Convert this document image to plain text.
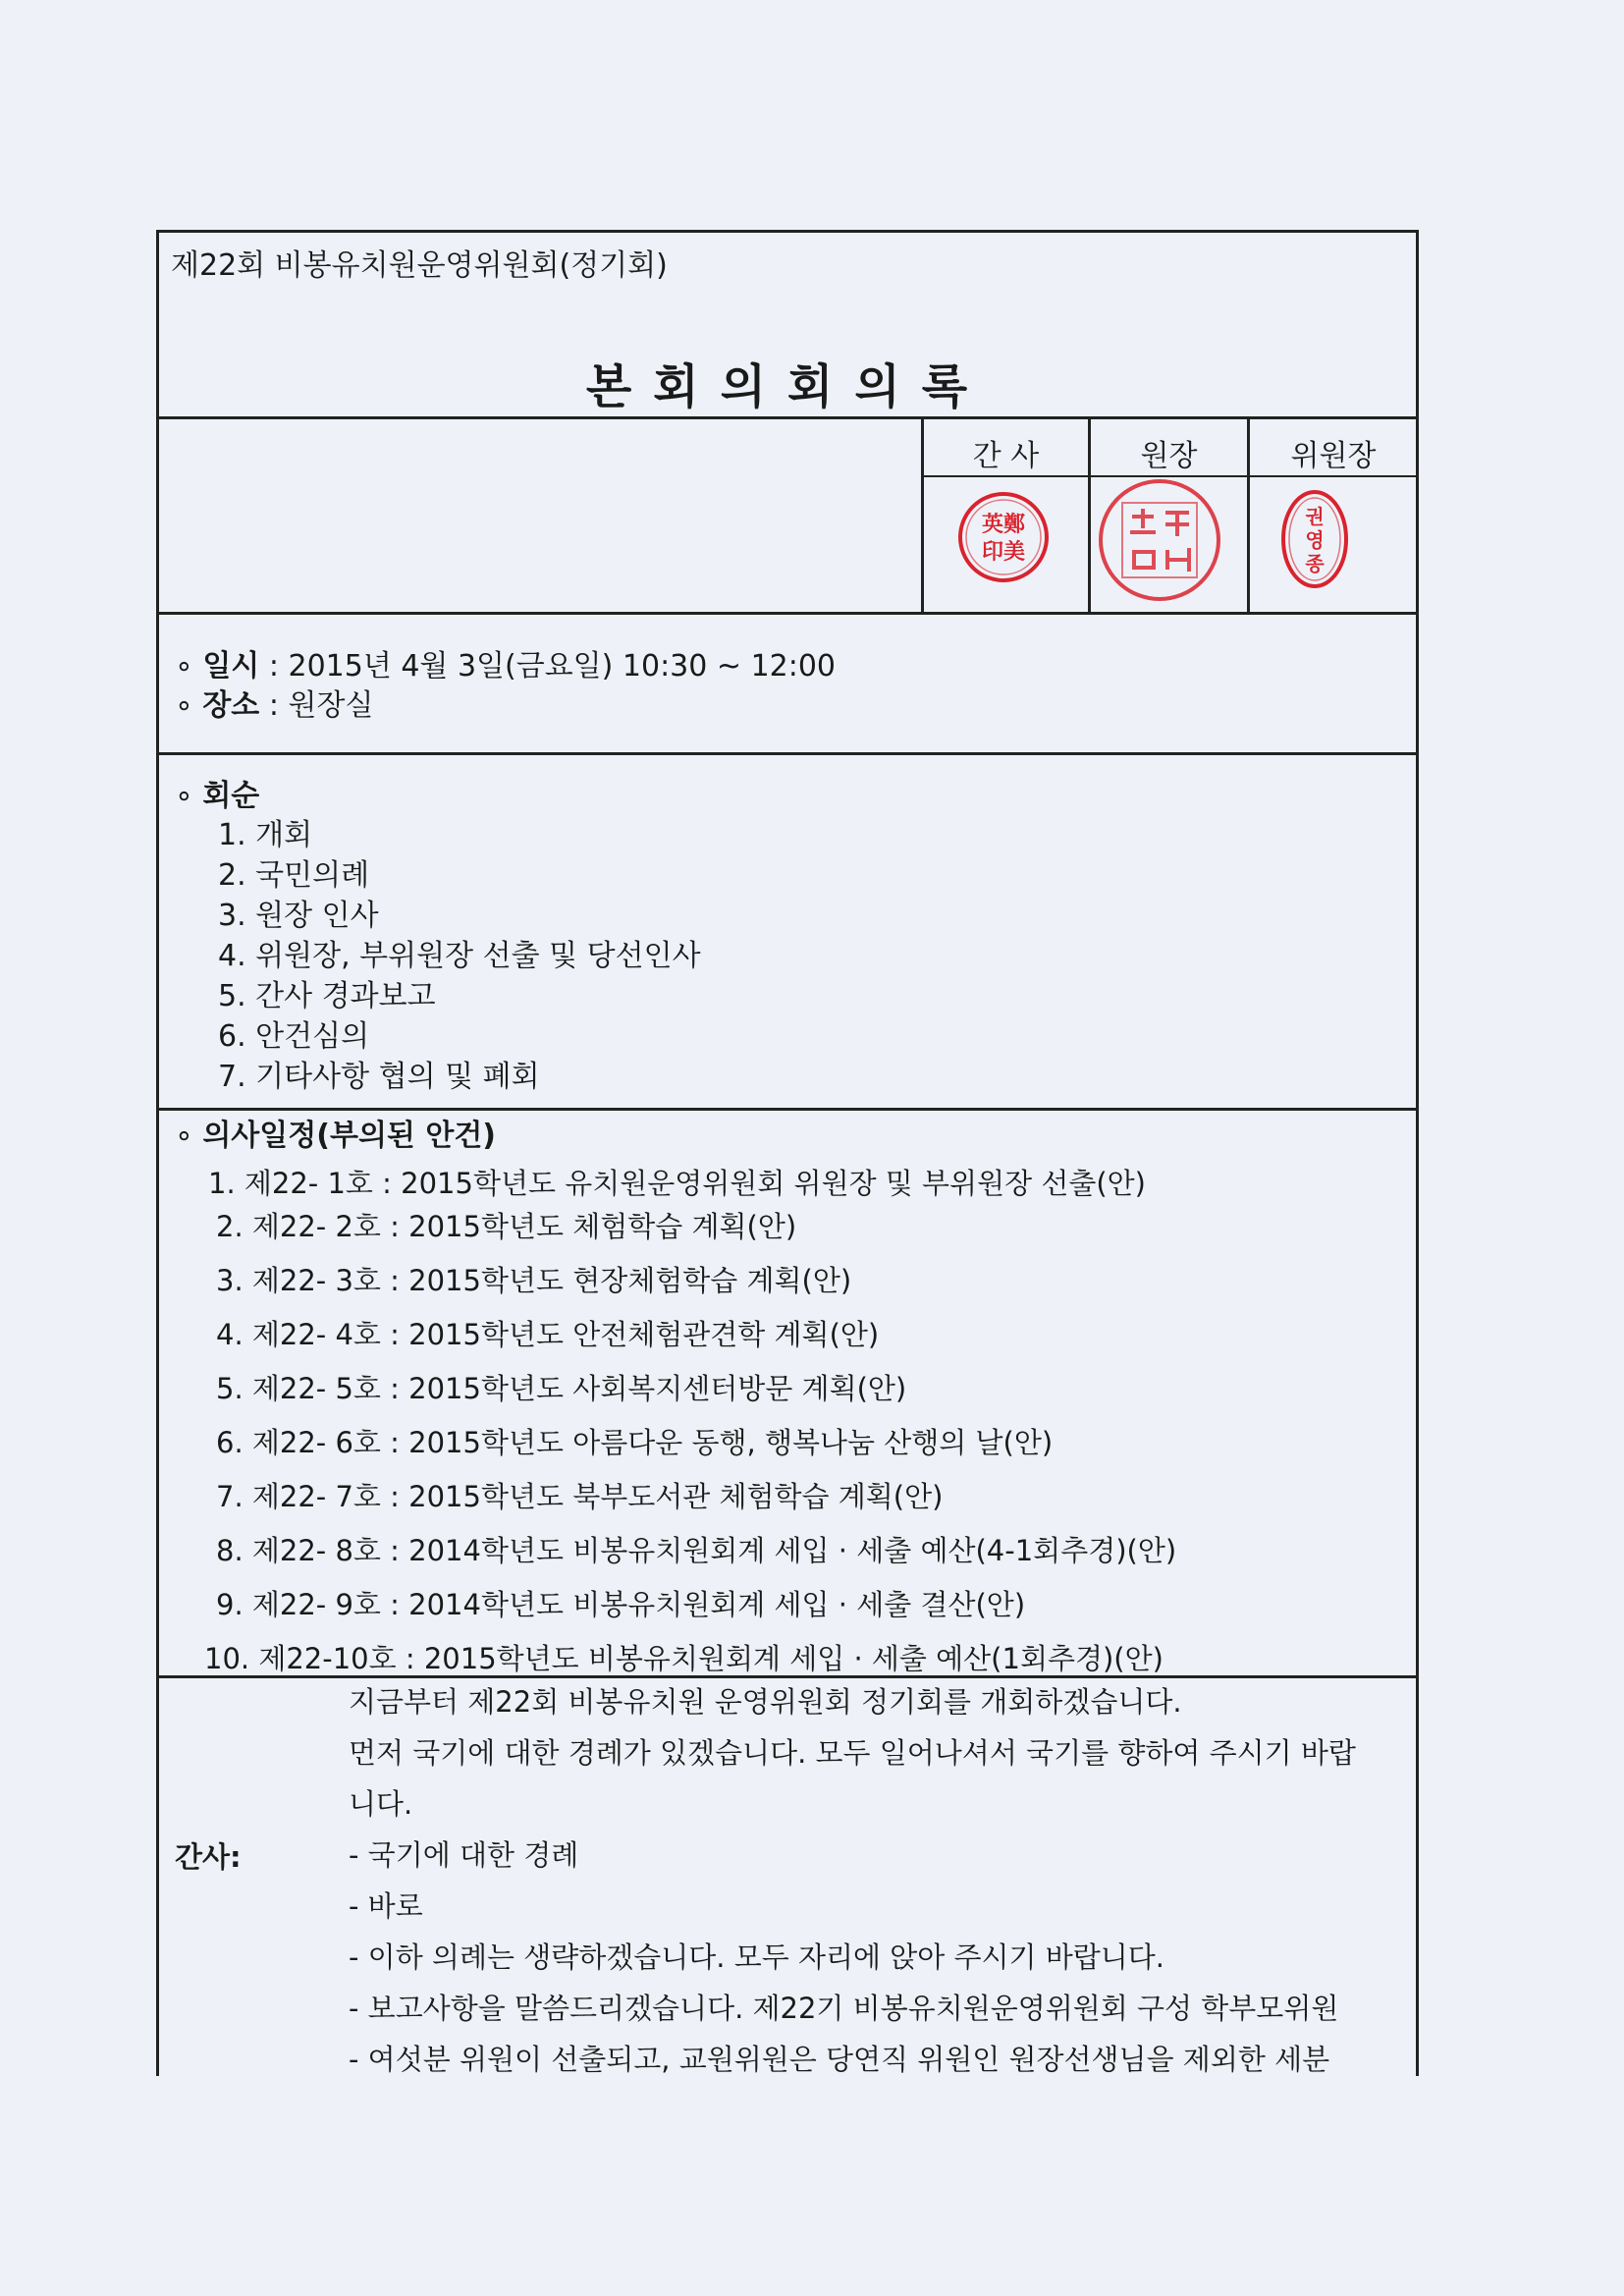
제22회 비봉유치원운영위원회(정기회)
본회의회의록
간 사	원장	위원장
英鄭
印美
권
영
종
∘ 일시 : 2015년 4월 3일(금요일) 10:30 ~ 12:00
∘ 장소 : 원장실
∘ 회순
1. 개회
2. 국민의례
3. 원장 인사
4. 위원장, 부위원장 선출 및 당선인사
5. 간사 경과보고
6. 안건심의
7. 기타사항 협의 및 폐회
∘ 의사일정(부의된 안건)
1. 제22- 1호 : 2015학년도 유치원운영위원회 위원장 및 부위원장 선출(안)
2. 제22- 2호 : 2015학년도 체험학습 계획(안)
3. 제22- 3호 : 2015학년도 현장체험학습 계획(안)
4. 제22- 4호 : 2015학년도 안전체험관견학 계획(안)
5. 제22- 5호 : 2015학년도 사회복지센터방문 계획(안)
6. 제22- 6호 : 2015학년도 아름다운 동행, 행복나눔 산행의 날(안)
7. 제22- 7호 : 2015학년도 북부도서관 체험학습 계획(안)
8. 제22- 8호 : 2014학년도 비봉유치원회계 세입 · 세출 예산(4-1회추경)(안)
9. 제22- 9호 : 2014학년도 비봉유치원회계 세입 · 세출 결산(안)
10. 제22-10호 : 2015학년도 비봉유치원회계 세입 · 세출 예산(1회추경)(안)
간사:
지금부터 제22회 비봉유치원 운영위원회 정기회를 개회하겠습니다.
먼저 국기에 대한 경례가 있겠습니다. 모두 일어나셔서 국기를 향하여 주시기 바랍
니다.
- 국기에 대한 경례
- 바로
- 이하 의례는 생략하겠습니다. 모두 자리에 앉아 주시기 바랍니다.
- 보고사항을 말씀드리겠습니다. 제22기 비봉유치원운영위원회 구성 학부모위원
- 여섯분 위원이 선출되고, 교원위원은 당연직 위원인 원장선생님을 제외한 세분
